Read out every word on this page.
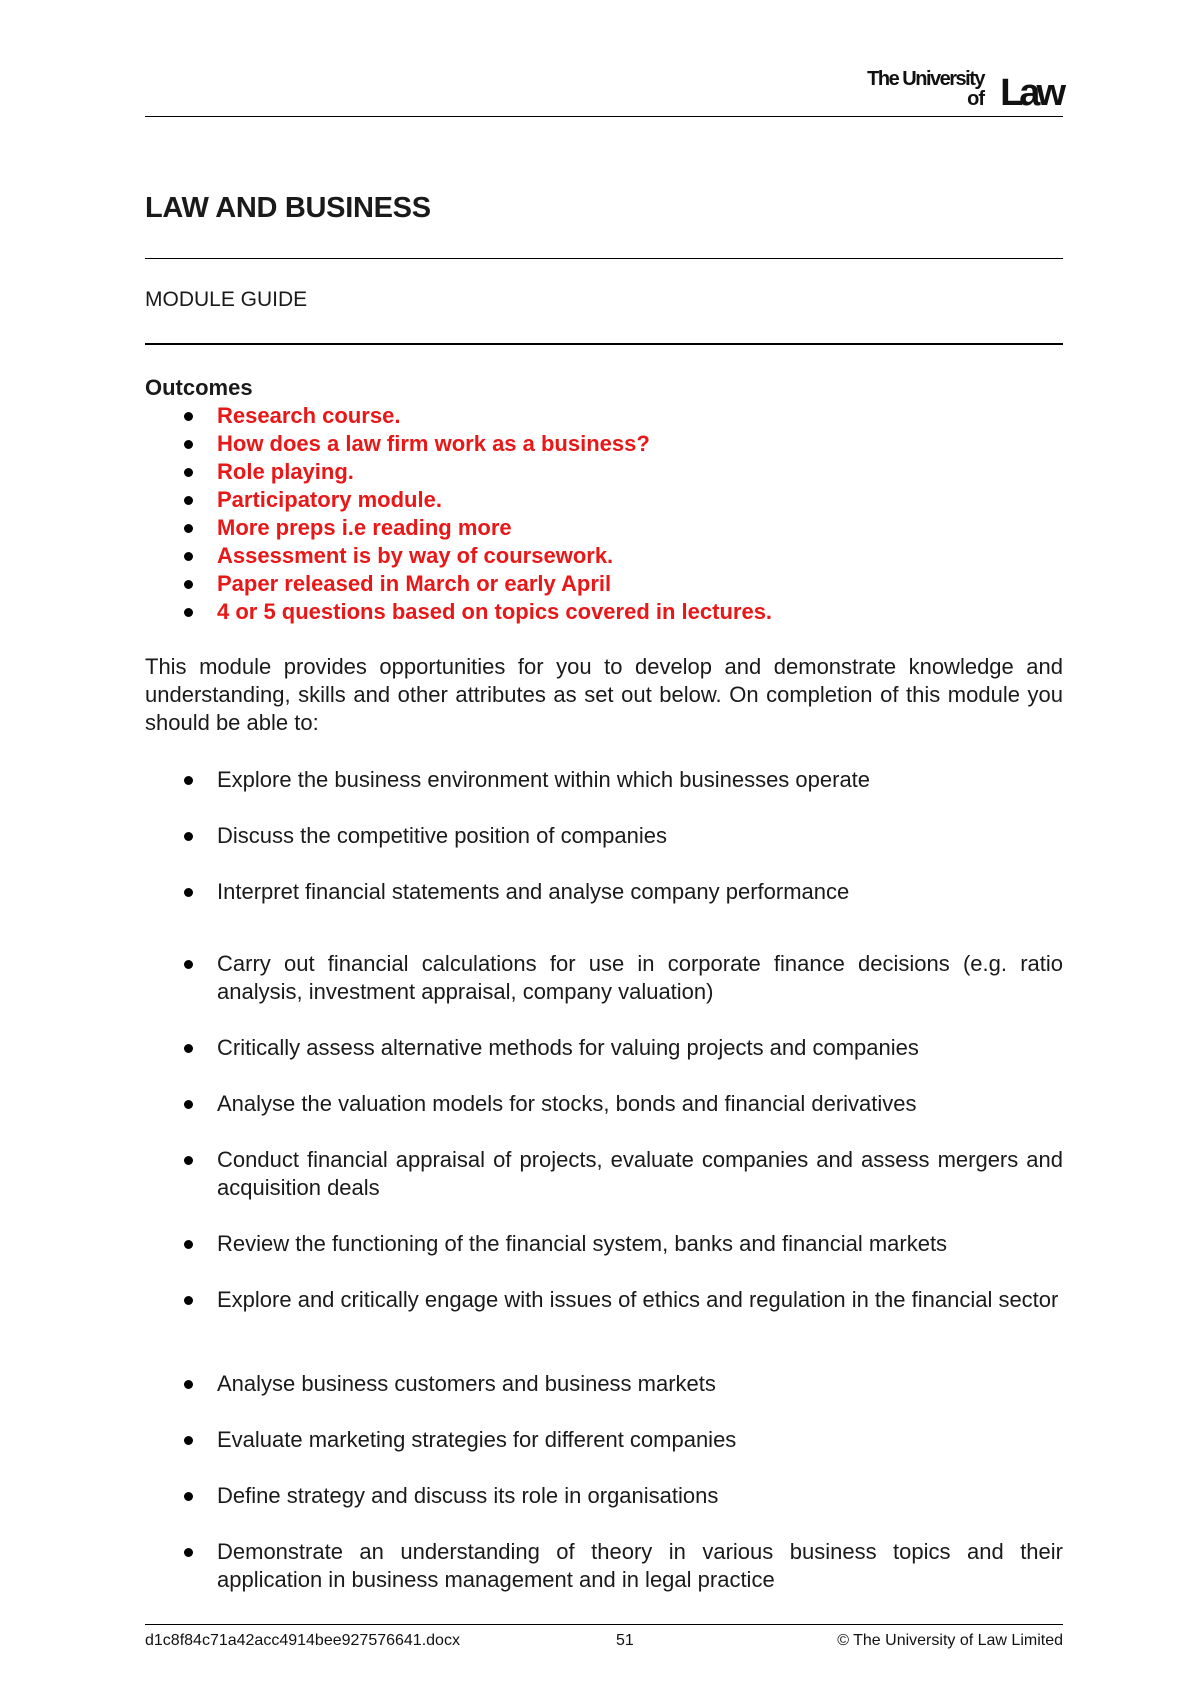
The University
of Law
LAW AND BUSINESS
MODULE GUIDE
Outcomes
Research course.
How does a law firm work as a business?
Role playing.
Participatory module.
More preps i.e reading more
Assessment is by way of coursework.
Paper released in March or early April
4 or 5 questions based on topics covered in lectures.
This module provides opportunities for you to develop and demonstrate knowledge and understanding, skills and other attributes as set out below. On completion of this module you should be able to:
Explore the business environment within which businesses operate
Discuss the competitive position of companies
Interpret financial statements and analyse company performance
Carry out financial calculations for use in corporate finance decisions (e.g. ratio analysis, investment appraisal, company valuation)
Critically assess alternative methods for valuing projects and companies
Analyse the valuation models for stocks, bonds and financial derivatives
Conduct financial appraisal of projects, evaluate companies and assess mergers and acquisition deals
Review the functioning of the financial system, banks and financial markets
Explore and critically engage with issues of ethics and regulation in the financial sector
Analyse business customers and business markets
Evaluate marketing strategies for different companies
Define strategy and discuss its role in organisations
Demonstrate an understanding of theory in various business topics and their application in business management and in legal practice
d1c8f84c71a42acc4914bee927576641.docx	51	© The University of Law Limited
